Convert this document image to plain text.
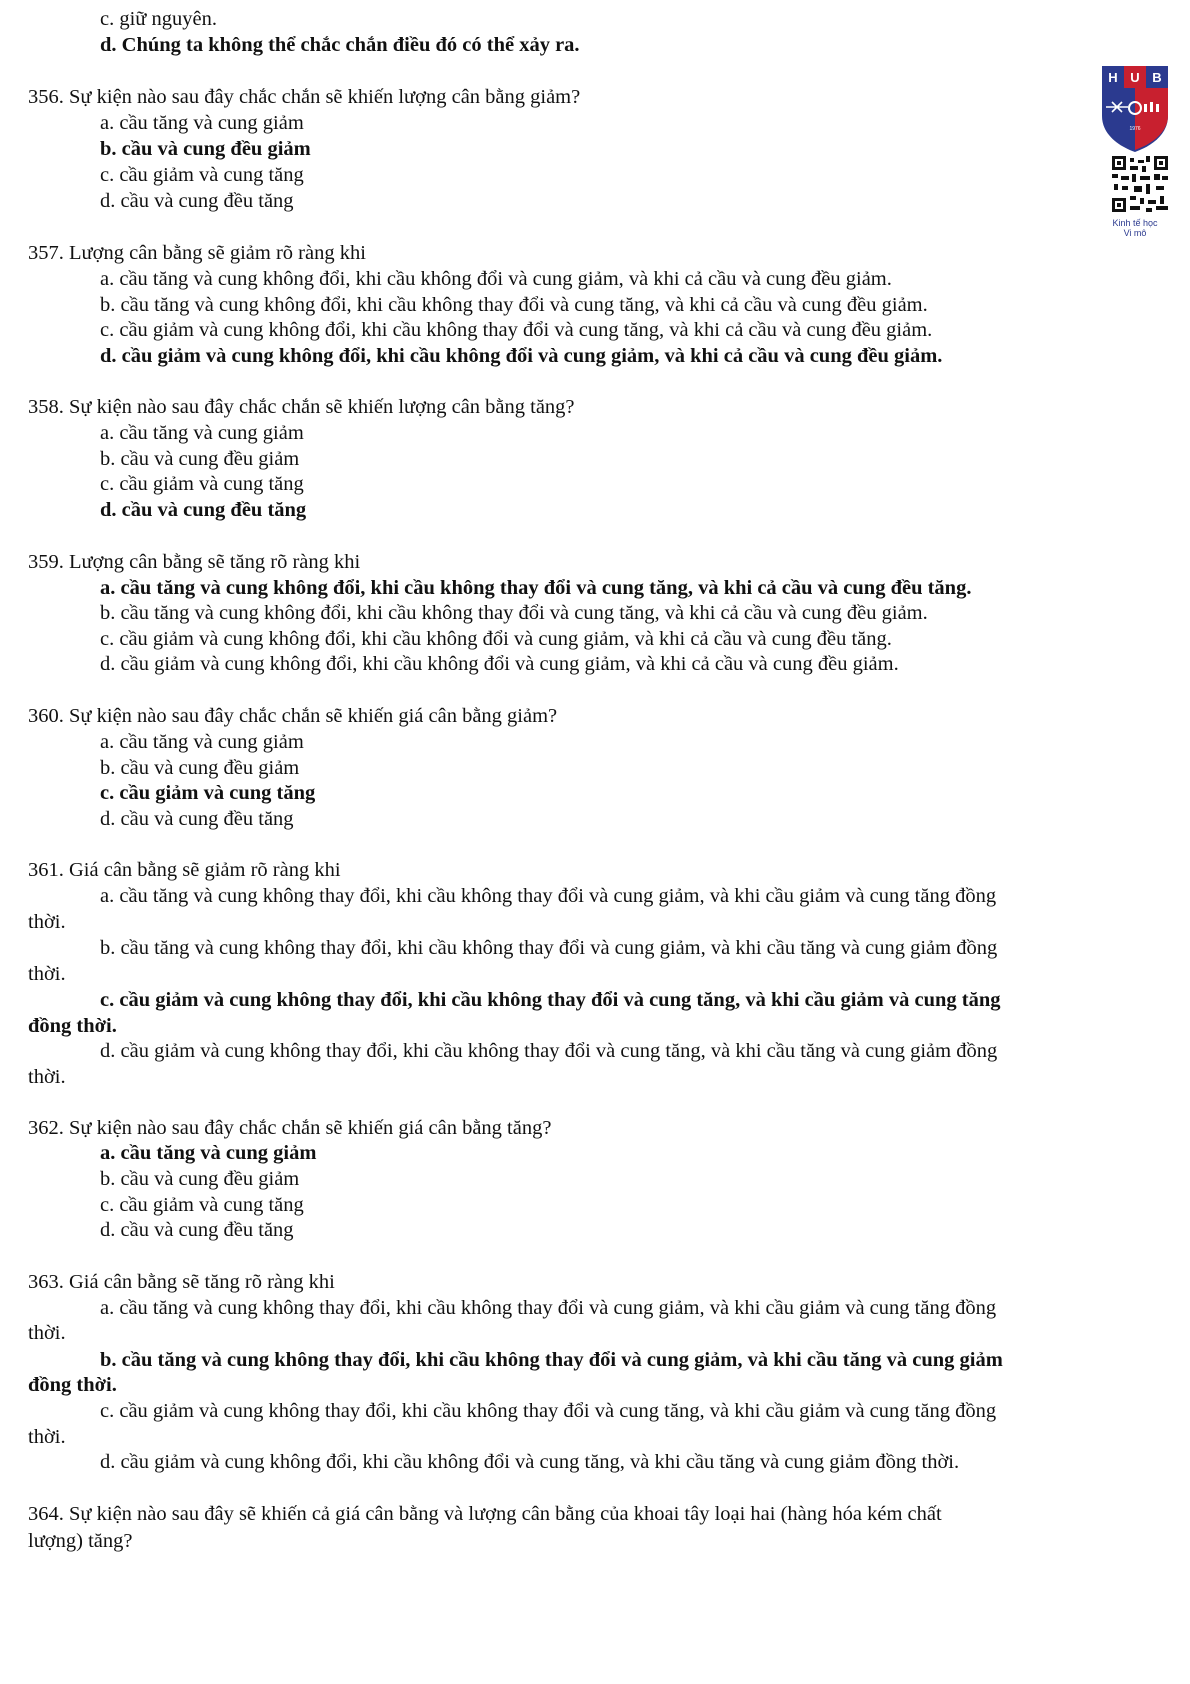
c. giữ nguyên.
d. Chúng ta không thể chắc chắn điều đó có thể xảy ra.
356. Sự kiện nào sau đây chắc chắn sẽ khiến lượng cân bằng giảm?
a. cầu tăng và cung giảm
b. cầu và cung đều giảm
c. cầu giảm và cung tăng
d. cầu và cung đều tăng
357. Lượng cân bằng sẽ giảm rõ ràng khi
a. cầu tăng và cung không đổi, khi cầu không đổi và cung giảm, và khi cả cầu và cung đều giảm.
b. cầu tăng và cung không đổi, khi cầu không thay đổi và cung tăng, và khi cả cầu và cung đều giảm.
c. cầu giảm và cung không đổi, khi cầu không thay đổi và cung tăng, và khi cả cầu và cung đều giảm.
d. cầu giảm và cung không đổi, khi cầu không đổi và cung giảm, và khi cả cầu và cung đều giảm.
358. Sự kiện nào sau đây chắc chắn sẽ khiến lượng cân bằng tăng?
a. cầu tăng và cung giảm
b. cầu và cung đều giảm
c. cầu giảm và cung tăng
d. cầu và cung đều tăng
359. Lượng cân bằng sẽ tăng rõ ràng khi
a. cầu tăng và cung không đổi, khi cầu không thay đổi và cung tăng, và khi cả cầu và cung đều tăng.
b. cầu tăng và cung không đổi, khi cầu không thay đổi và cung tăng, và khi cả cầu và cung đều giảm.
c. cầu giảm và cung không đổi, khi cầu không đổi và cung giảm, và khi cả cầu và cung đều tăng.
d. cầu giảm và cung không đổi, khi cầu không đổi và cung giảm, và khi cả cầu và cung đều giảm.
360. Sự kiện nào sau đây chắc chắn sẽ khiến giá cân bằng giảm?
a. cầu tăng và cung giảm
b. cầu và cung đều giảm
c. cầu giảm và cung tăng
d. cầu và cung đều tăng
361. Giá cân bằng sẽ giảm rõ ràng khi
a. cầu tăng và cung không thay đổi, khi cầu không thay đổi và cung giảm, và khi cầu giảm và cung tăng đồng
thời.
b. cầu tăng và cung không thay đổi, khi cầu không thay đổi và cung giảm, và khi cầu tăng và cung giảm đồng
thời.
c. cầu giảm và cung không thay đổi, khi cầu không thay đổi và cung tăng, và khi cầu giảm và cung tăng
đồng thời.
d. cầu giảm và cung không thay đổi, khi cầu không thay đổi và cung tăng, và khi cầu tăng và cung giảm đồng
thời.
362. Sự kiện nào sau đây chắc chắn sẽ khiến giá cân bằng tăng?
a. cầu tăng và cung giảm
b. cầu và cung đều giảm
c. cầu giảm và cung tăng
d. cầu và cung đều tăng
363. Giá cân bằng sẽ tăng rõ ràng khi
a. cầu tăng và cung không thay đổi, khi cầu không thay đổi và cung giảm, và khi cầu giảm và cung tăng đồng
thời.
b. cầu tăng và cung không thay đổi, khi cầu không thay đổi và cung giảm, và khi cầu tăng và cung giảm
đồng thời.
c. cầu giảm và cung không thay đổi, khi cầu không thay đổi và cung tăng, và khi cầu giảm và cung tăng đồng
thời.
d. cầu giảm và cung không đổi, khi cầu không đổi và cung tăng, và khi cầu tăng và cung giảm đồng thời.
364. Sự kiện nào sau đây sẽ khiến cả giá cân bằng và lượng cân bằng của khoai tây loại hai (hàng hóa kém chất
lượng) tăng?
H U B
1976
Kinh tế học
Vi mô
